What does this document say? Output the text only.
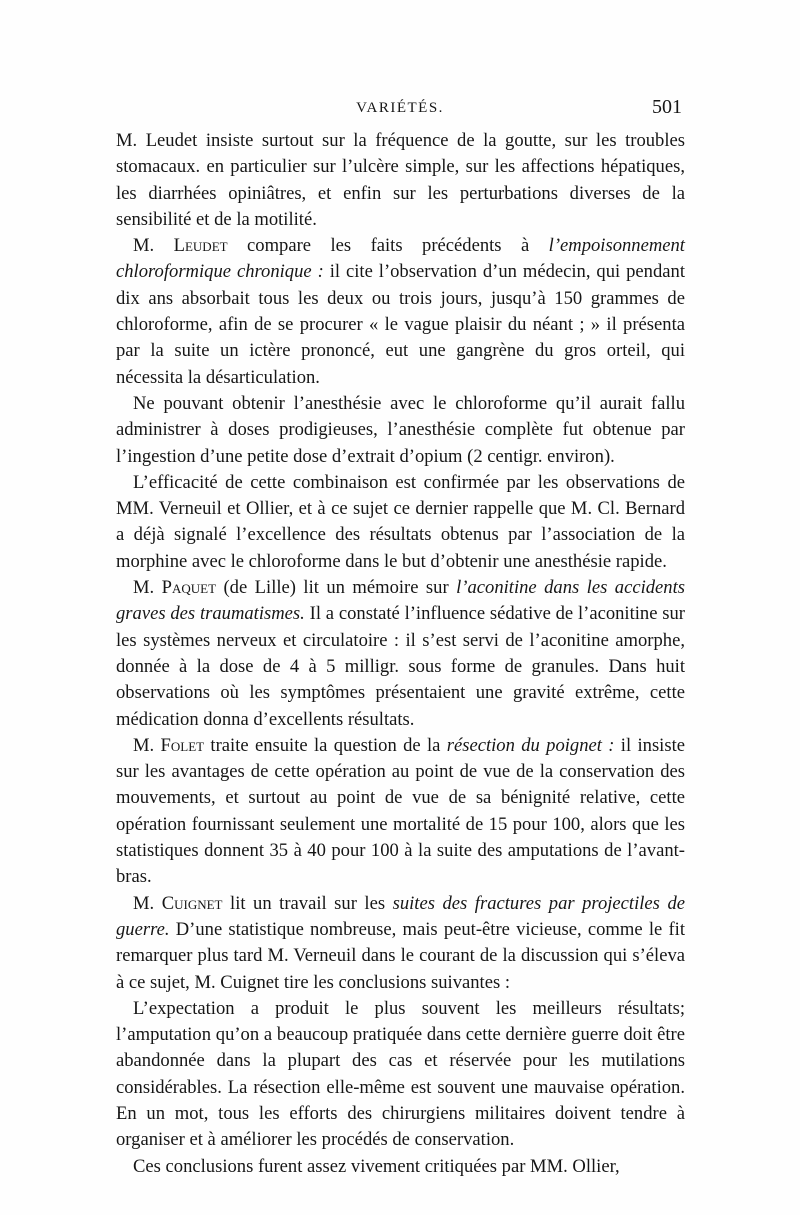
VARIÉTÉS.	501

M. Leudet insiste surtout sur la fréquence de la goutte, sur les troubles stomacaux. en particulier sur l’ulcère simple, sur les affections hépatiques, les diarrhées opiniâtres, et enfin sur les perturbations diverses de la sensibilité et de la motilité.

M. Leudet compare les faits précédents à l’empoisonnement chloroformique chronique : il cite l’observation d’un médecin, qui pendant dix ans absorbait tous les deux ou trois jours, jusqu’à 150 grammes de chloroforme, afin de se procurer « le vague plaisir du néant ; » il présenta par la suite un ictère prononcé, eut une gangrène du gros orteil, qui nécessita la désarticulation.

Ne pouvant obtenir l’anesthésie avec le chloroforme qu’il aurait fallu administrer à doses prodigieuses, l’anesthésie complète fut obtenue par l’ingestion d’une petite dose d’extrait d’opium (2 centigr. environ).

L’efficacité de cette combinaison est confirmée par les observations de MM. Verneuil et Ollier, et à ce sujet ce dernier rappelle que M. Cl. Bernard a déjà signalé l’excellence des résultats obtenus par l’association de la morphine avec le chloroforme dans le but d’obtenir une anesthésie rapide.

M. Paquet (de Lille) lit un mémoire sur l’aconitine dans les accidents graves des traumatismes. Il a constaté l’influence sédative de l’aconitine sur les systèmes nerveux et circulatoire : il s’est servi de l’aconitine amorphe, donnée à la dose de 4 à 5 milligr. sous forme de granules. Dans huit observations où les symptômes présentaient une gravité extrême, cette médication donna d’excellents résultats.

M. Folet traite ensuite la question de la résection du poignet : il insiste sur les avantages de cette opération au point de vue de la conservation des mouvements, et surtout au point de vue de sa bénignité relative, cette opération fournissant seulement une mortalité de 15 pour 100, alors que les statistiques donnent 35 à 40 pour 100 à la suite des amputations de l’avant-bras.

M. Cuignet lit un travail sur les suites des fractures par projectiles de guerre. D’une statistique nombreuse, mais peut-être vicieuse, comme le fit remarquer plus tard M. Verneuil dans le courant de la discussion qui s’éleva à ce sujet, M. Cuignet tire les conclusions suivantes :

L’expectation a produit le plus souvent les meilleurs résultats; l’amputation qu’on a beaucoup pratiquée dans cette dernière guerre doit être abandonnée dans la plupart des cas et réservée pour les mutilations considérables. La résection elle-même est souvent une mauvaise opération. En un mot, tous les efforts des chirurgiens militaires doivent tendre à organiser et à améliorer les procédés de conservation.

Ces conclusions furent assez vivement critiquées par MM. Ollier,
